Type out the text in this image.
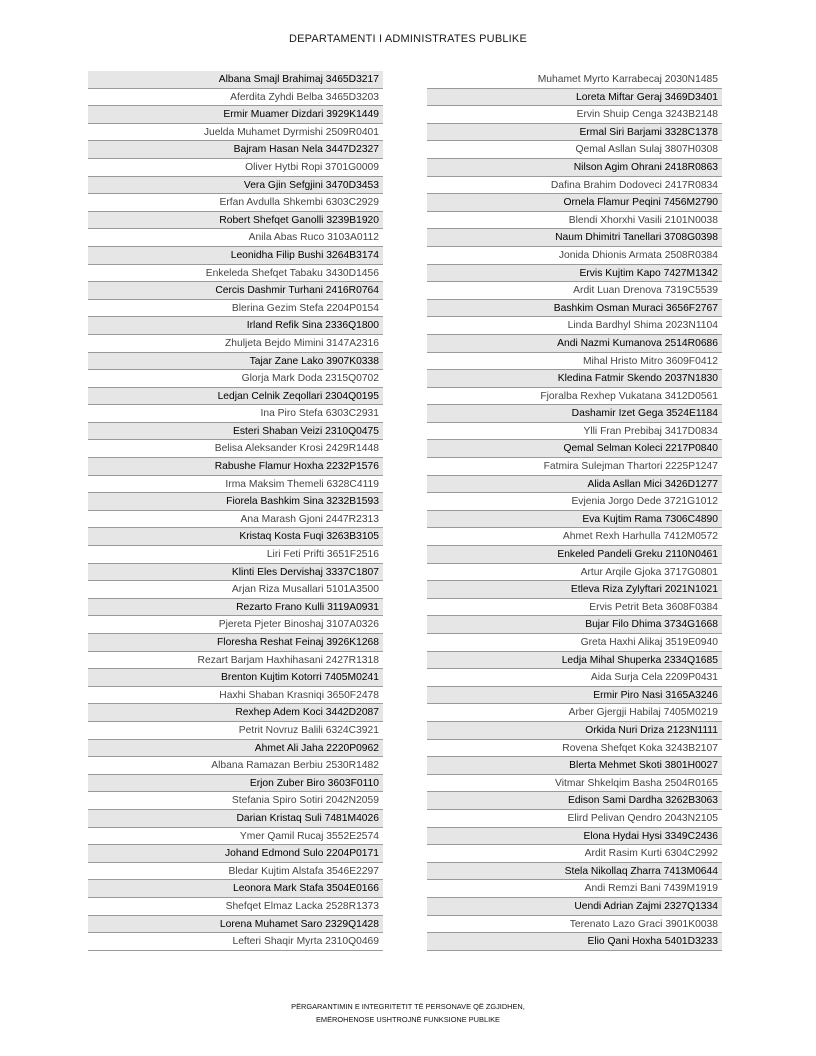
DEPARTAMENTI I ADMINISTRATES PUBLIKE
Albana Smajl Brahimaj 3465D3217
Aferdita Zyhdi Belba 3465D3203
Ermir Muamer Dizdari 3929K1449
Juelda Muhamet Dyrmishi 2509R0401
Bajram Hasan Nela 3447D2327
Oliver Hytbi Ropi 3701G0009
Vera Gjin Sefgjini 3470D3453
Erfan Avdulla Shkembi 6303C2929
Robert Shefqet Ganolli 3239B1920
Anila Abas Ruco 3103A0112
Leonidha Filip Bushi 3264B3174
Enkeleda Shefqet Tabaku 3430D1456
Cercis Dashmir Turhani 2416R0764
Blerina Gezim Stefa 2204P0154
Irland Refik Sina 2336Q1800
Zhuljeta Bejdo Mimini 3147A2316
Tajar Zane Lako 3907K0338
Glorja Mark Doda 2315Q0702
Ledjan Celnik Zeqollari 2304Q0195
Ina Piro Stefa 6303C2931
Esteri Shaban Veizi 2310Q0475
Belisa Aleksander Krosi 2429R1448
Rabushe Flamur Hoxha 2232P1576
Irma Maksim Themeli 6328C4119
Fiorela Bashkim Sina 3232B1593
Ana Marash Gjoni 2447R2313
Kristaq Kosta Fuqi 3263B3105
Liri Feti Prifti 3651F2516
Klinti Eles Dervishaj 3337C1807
Arjan Riza Musallari 5101A3500
Rezarto Frano Kulli 3119A0931
Pjereta Pjeter Binoshaj 3107A0326
Floresha Reshat Feinaj 3926K1268
Rezart Barjam Haxhihasani 2427R1318
Brenton Kujtim Kotorri 7405M0241
Haxhi Shaban Krasniqi 3650F2478
Rexhep Adem Koci 3442D2087
Petrit Novruz Balili 6324C3921
Ahmet Ali Jaha 2220P0962
Albana Ramazan Berbiu 2530R1482
Erjon Zuber Biro 3603F0110
Stefania Spiro Sotiri 2042N2059
Darian Kristaq Suli 7481M4026
Ymer Qamil Rucaj 3552E2574
Johand Edmond Sulo 2204P0171
Bledar Kujtim Alstafa 3546E2297
Leonora Mark Stafa 3504E0166
Shefqet Elmaz Lacka 2528R1373
Lorena Muhamet Saro 2329Q1428
Lefteri Shaqir Myrta 2310Q0469
Muhamet Myrto Karrabecaj 2030N1485
Loreta Miftar Geraj 3469D3401
Ervin Shuip Cenga 3243B2148
Ermal Siri Barjami 3328C1378
Qemal Asllan Sulaj 3807H0308
Nilson Agim Ohrani 2418R0863
Dafina Brahim Dodoveci 2417R0834
Ornela Flamur Peqini 7456M2790
Blendi Xhorxhi Vasili 2101N0038
Naum Dhimitri Tanellari 3708G0398
Jonida Dhionis Armata 2508R0384
Ervis Kujtim Kapo 7427M1342
Ardit Luan Drenova 7319C5539
Bashkim Osman Muraci 3656F2767
Linda Bardhyl Shima 2023N1104
Andi Nazmi Kumanova 2514R0686
Mihal Hristo Mitro 3609F0412
Kledina Fatmir Skendo 2037N1830
Fjoralba Rexhep Vukatana 3412D0561
Dashamir Izet Gega 3524E1184
Ylli Fran Prebibaj 3417D0834
Qemal Selman Koleci 2217P0840
Fatmira Sulejman Thartori 2225P1247
Alida Asllan Mici 3426D1277
Evjenia Jorgo Dede 3721G1012
Eva Kujtim Rama 7306C4890
Ahmet Rexh Harhulla 7412M0572
Enkeled Pandeli Greku 2110N0461
Artur Arqile Gjoka 3717G0801
Etleva Riza Zylyftari 2021N1021
Ervis Petrit Beta 3608F0384
Bujar Filo Dhima 3734G1668
Greta Haxhi Alikaj 3519E0940
Ledja Mihal Shuperka 2334Q1685
Aida Surja Cela 2209P0431
Ermir Piro Nasi 3165A3246
Arber Gjergji Habilaj 7405M0219
Orkida Nuri Driza 2123N1111
Rovena Shefqet Koka 3243B2107
Blerta Mehmet Skoti 3801H0027
Vitmar Shkelqim Basha 2504R0165
Edison Sami Dardha 3262B3063
Elird Pelivan Qendro 2043N2105
Elona Hydai Hysi 3349C2436
Ardit Rasim Kurti 6304C2992
Stela Nikollaq Zharra 7413M0644
Andi Remzi Bani 7439M1919
Uendi Adrian Zajmi 2327Q1334
Terenato Lazo Graci 3901K0038
Elio Qani Hoxha 5401D3233
PËRGARANTIMIN E INTEGRITETIT TË PERSONAVE QË ZGJIDHEN,
EMËROHENOSE USHTROJNË FUNKSIONE PUBLIKE
